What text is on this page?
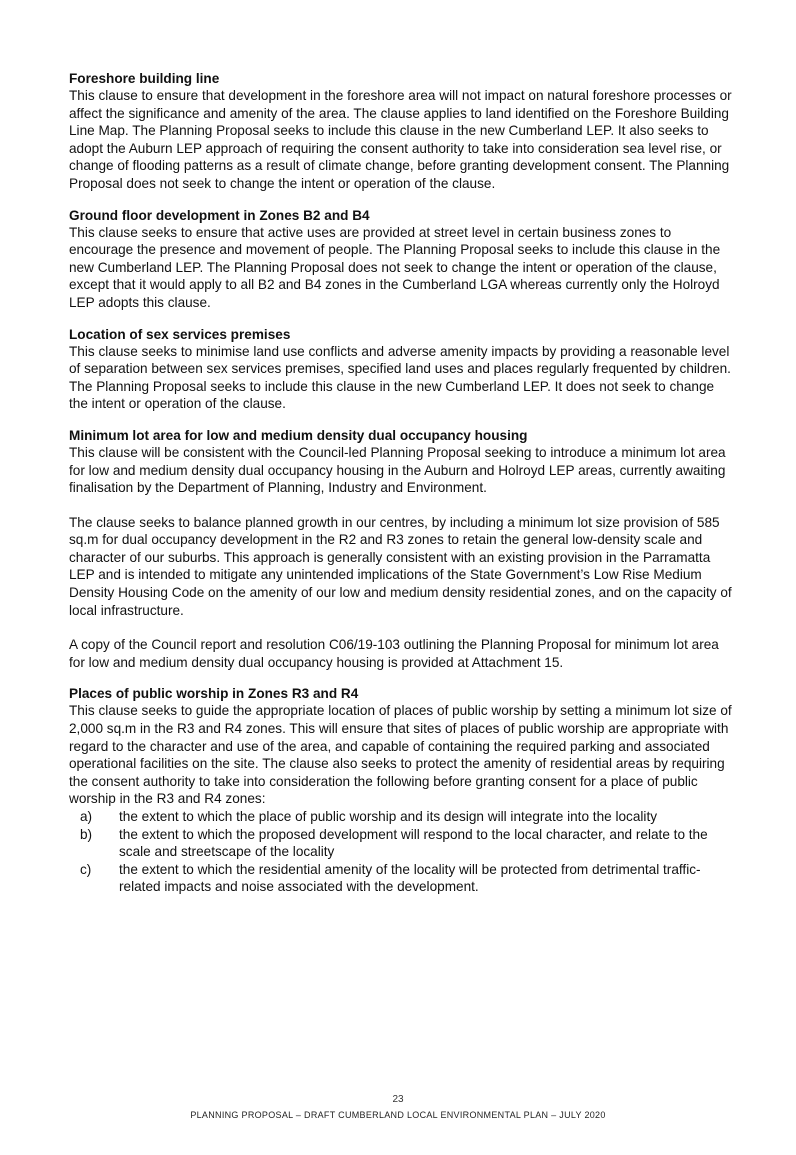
Foreshore building line

This clause to ensure that development in the foreshore area will not impact on natural foreshore processes or affect the significance and amenity of the area. The clause applies to land identified on the Foreshore Building Line Map. The Planning Proposal seeks to include this clause in the new Cumberland LEP. It also seeks to adopt the Auburn LEP approach of requiring the consent authority to take into consideration sea level rise, or change of flooding patterns as a result of climate change, before granting development consent. The Planning Proposal does not seek to change the intent or operation of the clause.

Ground floor development in Zones B2 and B4

This clause seeks to ensure that active uses are provided at street level in certain business zones to encourage the presence and movement of people. The Planning Proposal seeks to include this clause in the new Cumberland LEP. The Planning Proposal does not seek to change the intent or operation of the clause, except that it would apply to all B2 and B4 zones in the Cumberland LGA whereas currently only the Holroyd LEP adopts this clause.

Location of sex services premises

This clause seeks to minimise land use conflicts and adverse amenity impacts by providing a reasonable level of separation between sex services premises, specified land uses and places regularly frequented by children. The Planning Proposal seeks to include this clause in the new Cumberland LEP. It does not seek to change the intent or operation of the clause.

Minimum lot area for low and medium density dual occupancy housing

This clause will be consistent with the Council-led Planning Proposal seeking to introduce a minimum lot area for low and medium density dual occupancy housing in the Auburn and Holroyd LEP areas, currently awaiting finalisation by the Department of Planning, Industry and Environment.

The clause seeks to balance planned growth in our centres, by including a minimum lot size provision of 585 sq.m for dual occupancy development in the R2 and R3 zones to retain the general low-density scale and character of our suburbs. This approach is generally consistent with an existing provision in the Parramatta LEP and is intended to mitigate any unintended implications of the State Government’s Low Rise Medium Density Housing Code on the amenity of our low and medium density residential zones, and on the capacity of local infrastructure.

A copy of the Council report and resolution C06/19-103 outlining the Planning Proposal for minimum lot area for low and medium density dual occupancy housing is provided at Attachment 15.

Places of public worship in Zones R3 and R4

This clause seeks to guide the appropriate location of places of public worship by setting a minimum lot size of 2,000 sq.m in the R3 and R4 zones. This will ensure that sites of places of public worship are appropriate with regard to the character and use of the area, and capable of containing the required parking and associated operational facilities on the site. The clause also seeks to protect the amenity of residential areas by requiring the consent authority to take into consideration the following before granting consent for a place of public worship in the R3 and R4 zones:

a) the extent to which the place of public worship and its design will integrate into the locality
b) the extent to which the proposed development will respond to the local character, and relate to the scale and streetscape of the locality
c) the extent to which the residential amenity of the locality will be protected from detrimental traffic-related impacts and noise associated with the development.
23
PLANNING PROPOSAL – DRAFT CUMBERLAND LOCAL ENVIRONMENTAL PLAN – JULY 2020
